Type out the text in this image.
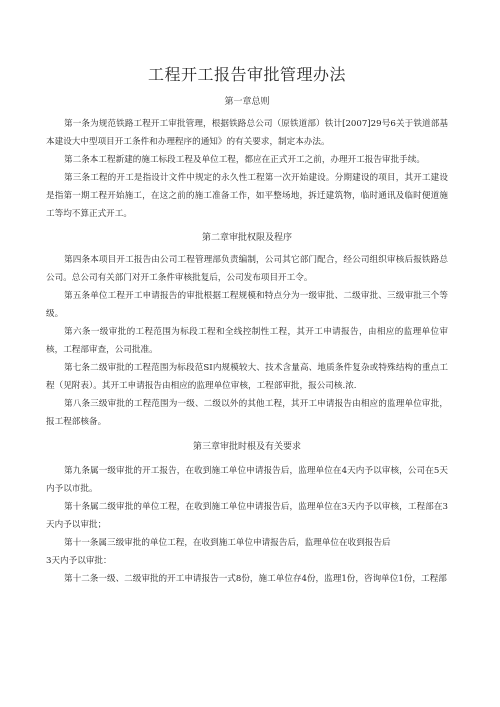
工程开工报告审批管理办法
第一章总则

第一条为规范铁路工程开工审批管理，根据铁路总公司（原铁道部）铁计[2007]29号6关于铁道部基本建设大中型项目开工条件和办理程序的通知》的有关要求，制定本办法。

第二条本工程新建的施工标段工程及单位工程，都应在正式开工之前，办理开工报告审批手续。

第三条工程的开工是指设计文件中规定的永久性工程第一次开始建设。分期建设的项目，其开工建设是指第一期工程开始施工，在这之前的施工准备工作，如平整场地，拆迁建筑物，临时通讯及临时便道施工等均不算正式开工。

第二章审批权限及程序

第四条本项目开工报告由公司工程管理部负责编制，公司其它部门配合，经公司组织审核后报铁路总公司。总公司有关部门对开工条件审核批复后，公司发布项目开工令。

第五条单位工程开工申请报告的审批根据工程规模和特点分为一级审批、二级审批、三级审批三个等级。

第六条一级审批的工程范围为标段工程和全线控制性工程，其开工申请报告，由相应的监理单位审核，工程部审查，公司批准。

第七条二级审批的工程范围为标段范SI内规模较大、技术含量高、地质条件复杂或特殊结构的重点工程（见附表）。其开工申请报告由相应的监理单位审核，工程部审批，报公司核.浓.

第八条三级审批的工程范围为一级、二级以外的其他工程，其开工申请报告由相应的监理单位审批，报工程部核备。

第三章审批时根及有关要求

第九条属一级审批的开工报告，在收到施工单位申请报告后，监理单位在4天内予以审核，公司在5天内予以市批。

第十条属二级审批的单位工程，在收到施工单位申请报告后，监理单位在3天内予以审核，工程部在3天内予以审批；

第十一条属三级审批的单位工程，在收到施工单位申请报告后，监理单位在收到报告后

3天内予以审批：

第十二条一级、二级审批的开工申请报告一式8份，施工单位存4份，监理1份，咨询单位1份，工程部
